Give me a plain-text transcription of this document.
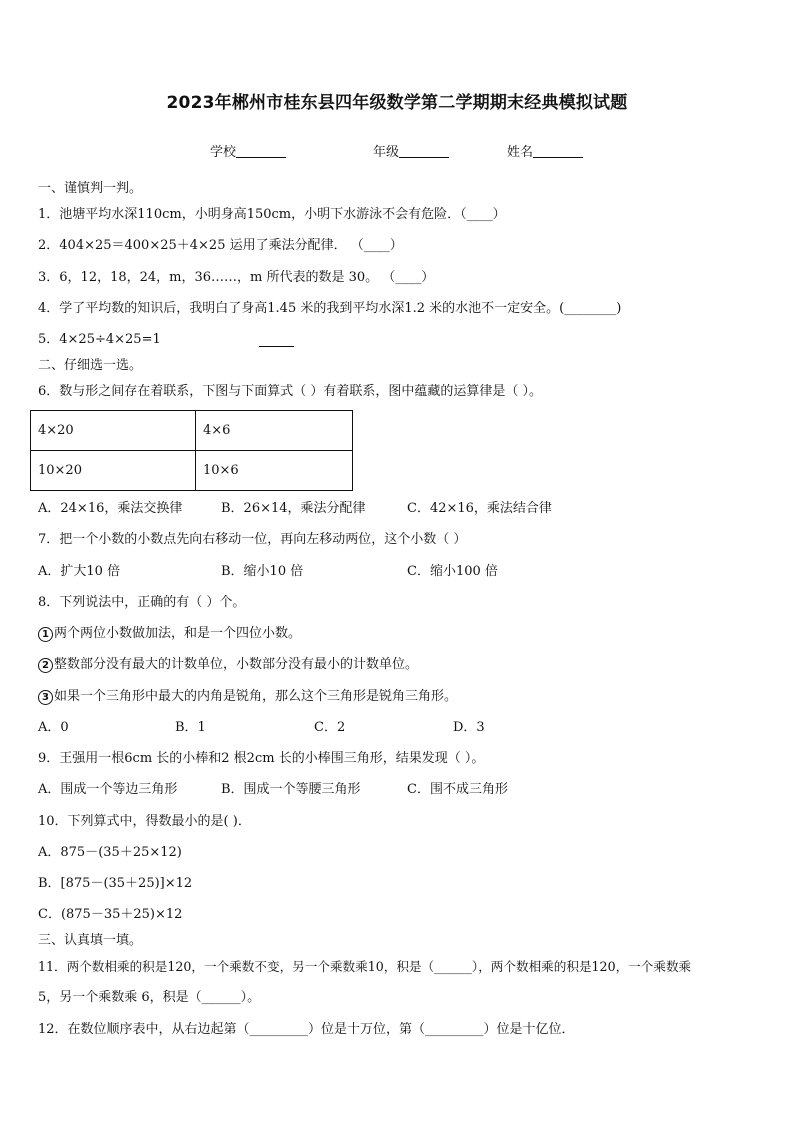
2023年郴州市桂东县四年级数学第二学期期末经典模拟试题
学校	年级	姓名
一、谨慎判一判。
1．池塘平均水深110cm，小明身高150cm，小明下水游泳不会有危险．（____）
2．404×25＝400×25＋4×25 运用了乘法分配律． （____）
3．6，12，18，24，m，36……，m 所代表的数是 30。 （____）
4．学了平均数的知识后，我明白了身高1.45 米的我到平均水深1.2 米的水池不一定安全。(________)
5．4×25÷4×25=1
二、仔细选一选。
6．数与形之间存在着联系，下图与下面算式（ ）有着联系，图中蕴藏的运算律是（ ）。
4×20	4×6
10×20	10×6
A．24×16，乘法交换律	B．26×14，乘法分配律	C．42×16，乘法结合律
7．把一个小数的小数点先向右移动一位，再向左移动两位，这个小数（ ）
A．扩大10 倍	B．缩小10 倍	C．缩小100 倍
8．下列说法中，正确的有（ ）个。
1 两个两位小数做加法，和是一个四位小数。
2 整数部分没有最大的计数单位，小数部分没有最小的计数单位。
3 如果一个三角形中最大的内角是锐角，那么这个三角形是锐角三角形。
A．0	B．1	C．2	D．3
9．王强用一根6cm 长的小棒和2 根2cm 长的小棒围三角形，结果发现（ ）。
A．围成一个等边三角形	B．围成一个等腰三角形	C．围不成三角形
10．下列算式中，得数最小的是( )．
A．875－(35＋25×12)
B．[875－(35＋25)]×12
C．(875－35＋25)×12
三、认真填一填。
11．两个数相乘的积是120，一个乘数不变，另一个乘数乘10，积是（______），两个数相乘的积是120，一个乘数乘
5，另一个乘数乘 6，积是（______）。
12．在数位顺序表中，从右边起第（_________）位是十万位，第（_________）位是十亿位．
